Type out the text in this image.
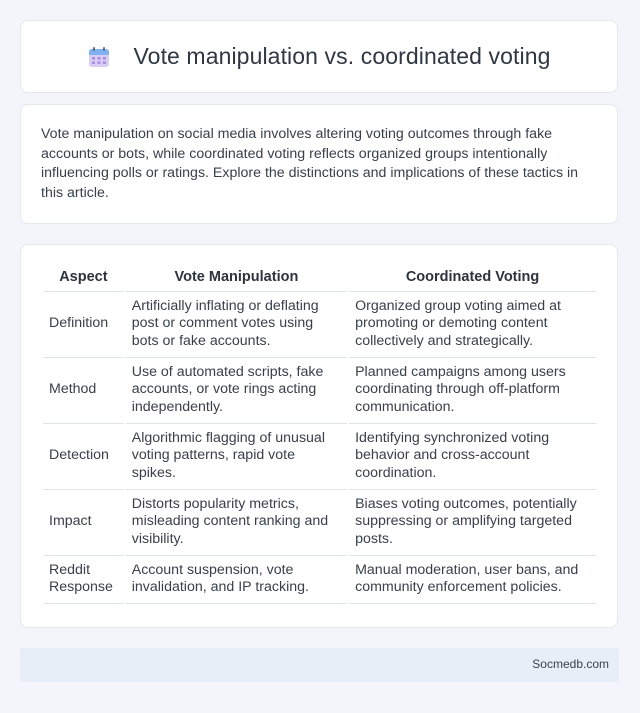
Vote manipulation vs. coordinated voting

Vote manipulation on social media involves altering voting outcomes through fake accounts or bots, while coordinated voting reflects organized groups intentionally influencing polls or ratings. Explore the distinctions and implications of these tactics in this article.

Aspect	Vote Manipulation	Coordinated Voting
Definition	Artificially inflating or deflating post or comment votes using bots or fake accounts.	Organized group voting aimed at promoting or demoting content collectively and strategically.
Method	Use of automated scripts, fake accounts, or vote rings acting independently.	Planned campaigns among users coordinating through off-platform communication.
Detection	Algorithmic flagging of unusual voting patterns, rapid vote spikes.	Identifying synchronized voting behavior and cross-account coordination.
Impact	Distorts popularity metrics, misleading content ranking and visibility.	Biases voting outcomes, potentially suppressing or amplifying targeted posts.
Reddit Response	Account suspension, vote invalidation, and IP tracking.	Manual moderation, user bans, and community enforcement policies.
Socmedb.com
